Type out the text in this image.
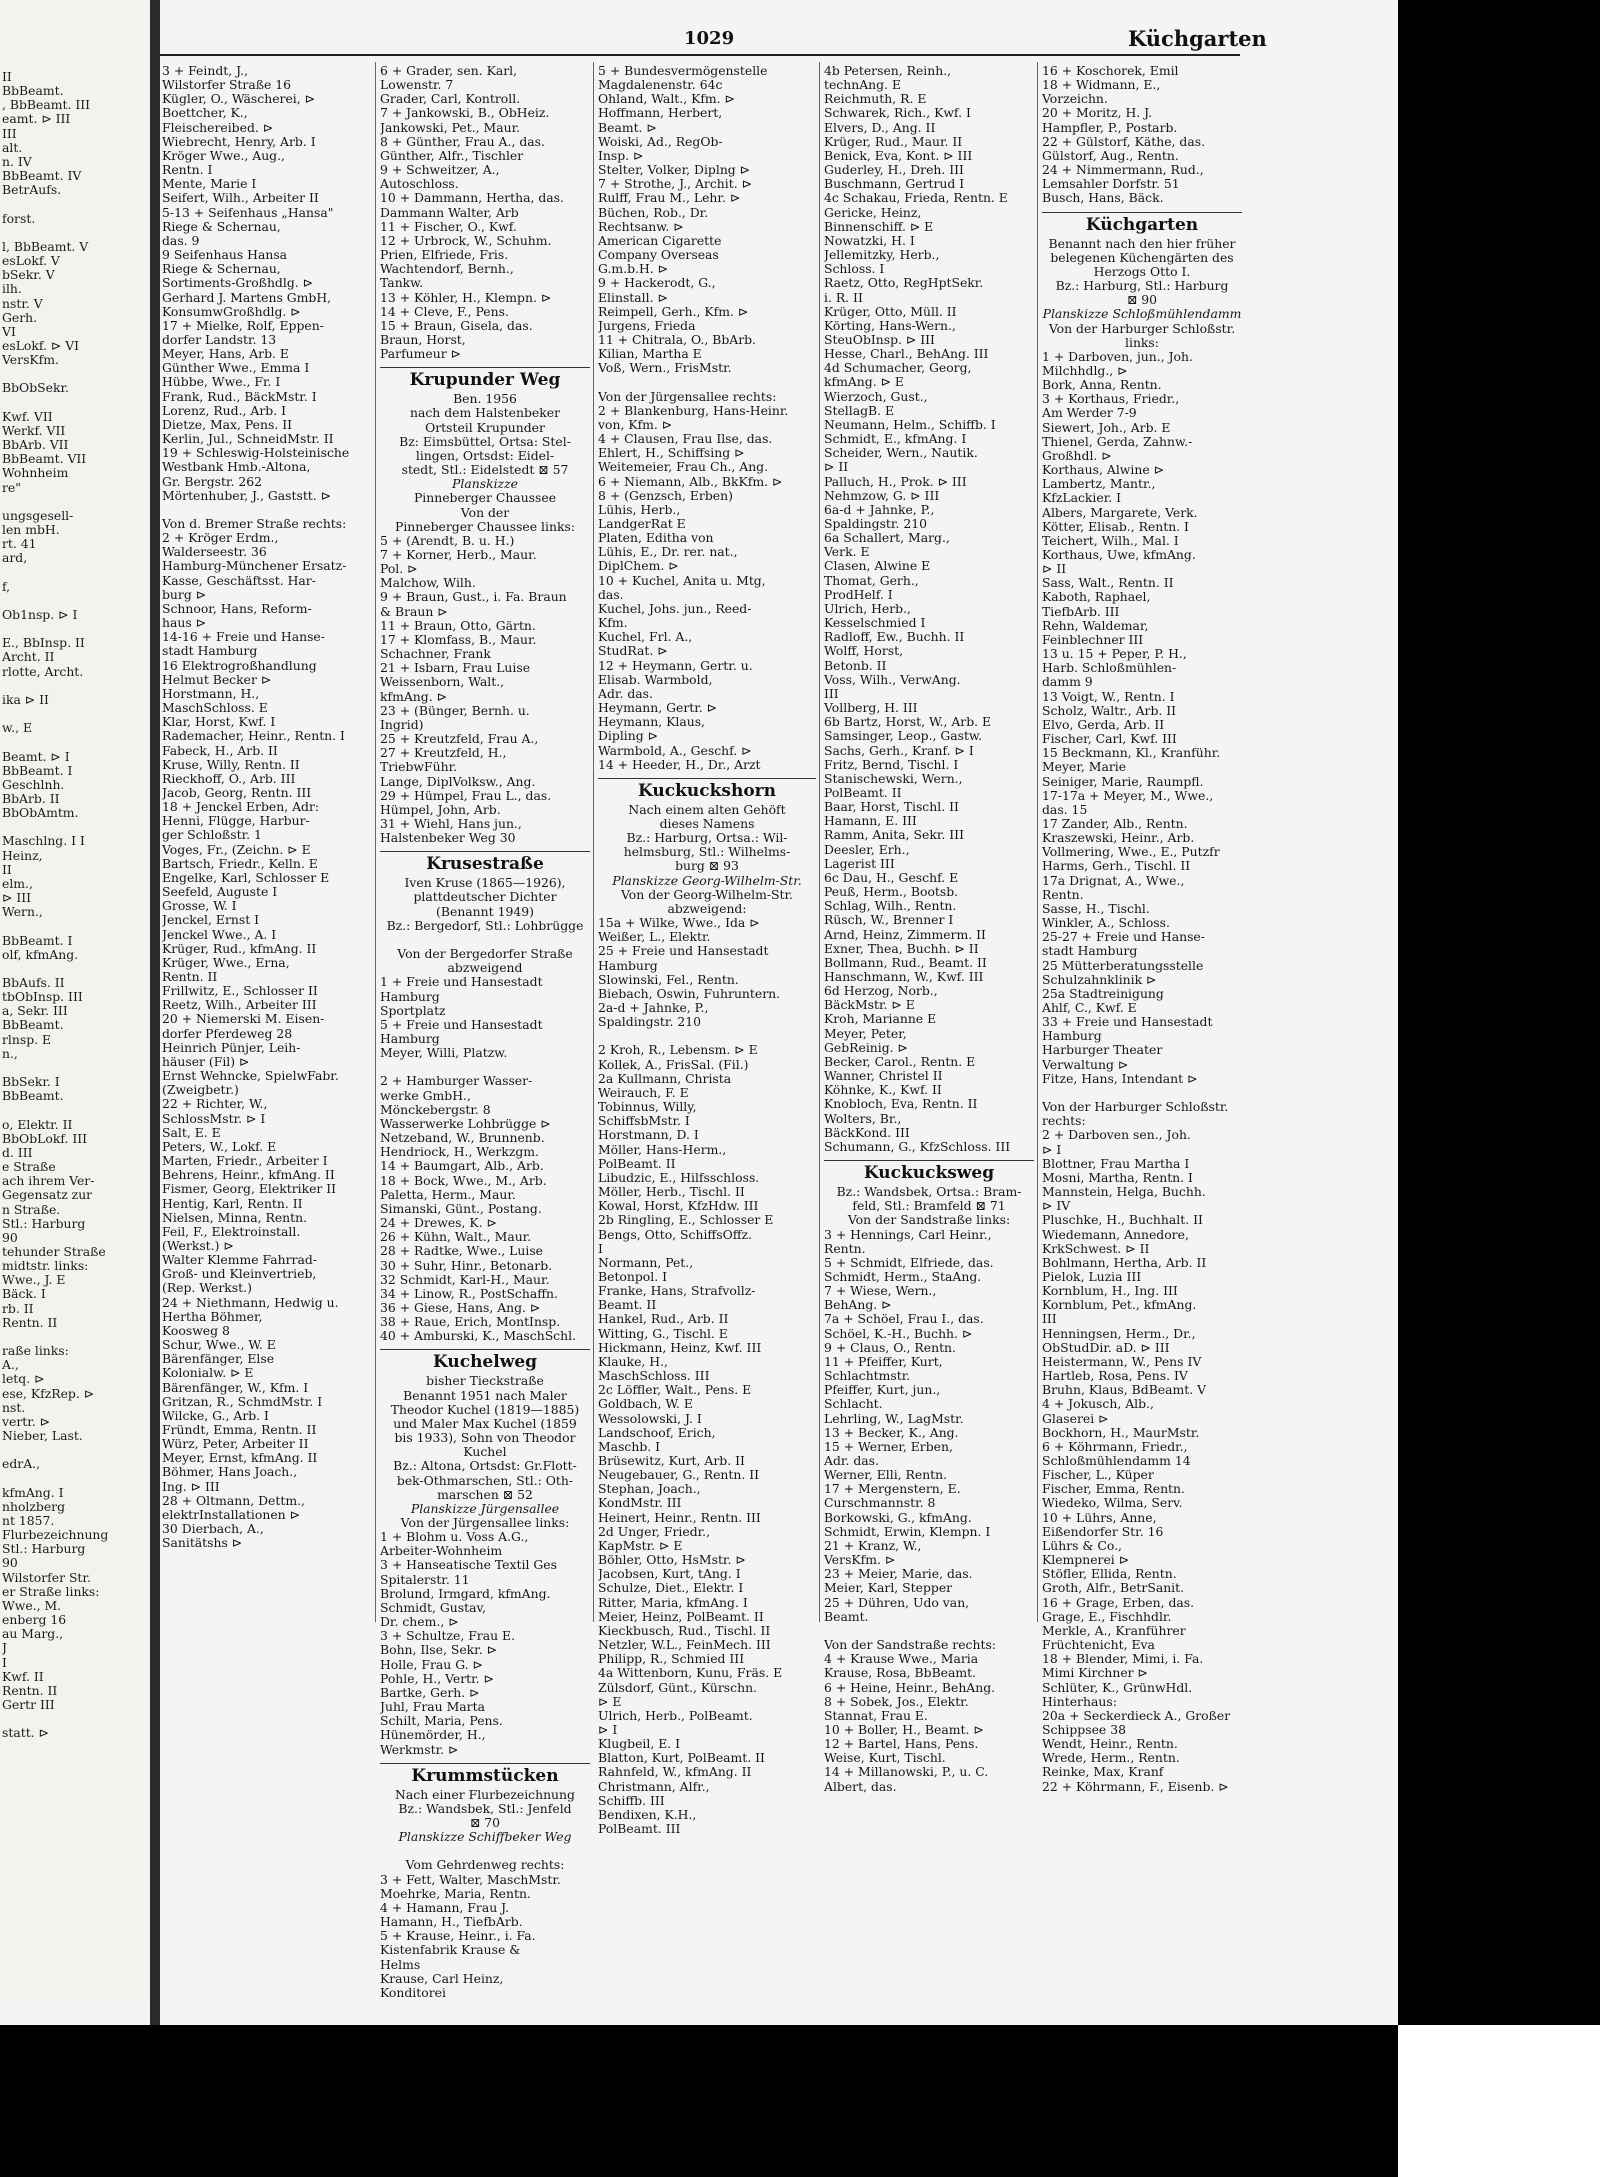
II
BbBeamt.
, BbBeamt. III
eamt. ⊳ III
III
alt.
n. IV
BbBeamt. IV
BetrAufs.

forst.

l, BbBeamt. V
esLokf. V
bSekr. V
ilh.
nstr. V
Gerh.
VI
esLokf. ⊳ VI
VersKfm.

BbObSekr.

Kwf. VII
Werkf. VII
BbArb. VII
BbBeamt. VII
Wohnheim
re"

ungsgesell-
len mbH.
rt. 41
ard,

f,

Ob1nsp. ⊳ I

E., BbInsp. II
Archt. II
rlotte, Archt.

ika ⊳ II

w., E

Beamt. ⊳ I
BbBeamt. I
Geschlnh.
BbArb. II
BbObAmtm.

Maschlng. I I
Heinz,
II
elm.,
⊳ III
Wern.,

BbBeamt. I
olf, kfmAng.

BbAufs. II
tbObInsp. III
a, Sekr. III
BbBeamt.
rlnsp. E
n.,

BbSekr. I
BbBeamt.

o, Elektr. II
BbObLokf. III
d. III
e Straße
ach ihrem Ver-
Gegensatz zur
n Straße.
Stl.: Harburg
90
tehunder Straße
midtstr. links:
Wwe., J. E
Bäck. I
rb. II
Rentn. II

raße links:
A.,
letq. ⊳
ese, KfzRep. ⊳
nst.
vertr. ⊳
Nieber, Last.

edrA.,

kfmAng. I
nholzberg
nt 1857.
Flurbezeichnung
Stl.: Harburg
90
Wilstorfer Str.
er Straße links:
Wwe., M.
enberg 16
au Marg.,
J
I
Kwf. II
Rentn. II
Gertr III

statt. ⊳
1029	Küchgarten
3 + Feindt, J.,
Wilstorfer Straße 16
Kügler, O., Wäscherei, ⊳
Boettcher, K.,
Fleischereibed. ⊳
Wiebrecht, Henry, Arb. I
Kröger Wwe., Aug.,
Rentn. I
Mente, Marie I
Seifert, Wilh., Arbeiter II
5-13 + Seifenhaus „Hansa"
Riege & Schernau,
das. 9
9 Seifenhaus Hansa
Riege & Schernau,
Sortiments-Großhdlg. ⊳
Gerhard J. Martens GmbH,
KonsumwGroßhdlg. ⊳
17 + Mielke, Rolf, Eppen-
dorfer Landstr. 13
Meyer, Hans, Arb. E
Günther Wwe., Emma I
Hübbe, Wwe., Fr. I
Frank, Rud., BäckMstr. I
Lorenz, Rud., Arb. I
Dietze, Max, Pens. II
Kerlin, Jul., SchneidMstr. II
19 + Schleswig-Holsteinische
Westbank Hmb.-Altona,
Gr. Bergstr. 262
Mörtenhuber, J., Gaststt. ⊳

Von d. Bremer Straße rechts:
2 + Kröger Erdm.,
Walderseestr. 36
Hamburg-Münchener Ersatz-
Kasse, Geschäftsst. Har-
burg ⊳
Schnoor, Hans, Reform-
haus ⊳
14-16 + Freie und Hanse-
stadt Hamburg
16 Elektrogroßhandlung
Helmut Becker ⊳
Horstmann, H.,
MaschSchloss. E
Klar, Horst, Kwf. I
Rademacher, Heinr., Rentn. I
Fabeck, H., Arb. II
Kruse, Willy, Rentn. II
Rieckhoff, O., Arb. III
Jacob, Georg, Rentn. III
18 + Jenckel Erben, Adr:
Henni, Flügge, Harbur-
ger Schloßstr. 1
Voges, Fr., (Zeichn. ⊳ E
Bartsch, Friedr., Kelln. E
Engelke, Karl, Schlosser E
Seefeld, Auguste I
Grosse, W. I
Jenckel, Ernst I
Jenckel Wwe., A. I
Krüger, Rud., kfmAng. II
Krüger, Wwe., Erna,
Rentn. II
Frillwitz, E., Schlosser II
Reetz, Wilh., Arbeiter III
20 + Niemerski M. Eisen-
dorfer Pferdeweg 28
Heinrich Pünjer, Leih-
häuser (Fil) ⊳
Ernst Wehncke, SpielwFabr.
(Zweigbetr.)
22 + Richter, W.,
SchlossMstr. ⊳ I
Salt, E. E
Peters, W., Lokf. E
Marten, Friedr., Arbeiter I
Behrens, Heinr., kfmAng. II
Fismer, Georg, Elektriker II
Hentig, Karl, Rentn. II
Nielsen, Minna, Rentn.
Feil, F., Elektroinstall.
(Werkst.) ⊳
Walter Klemme Fahrrad-
Groß- und Kleinvertrieb,
(Rep. Werkst.)
24 + Niethmann, Hedwig u.
Hertha Böhmer,
Koosweg 8
Schur, Wwe., W. E
Bärenfänger, Else
Kolonialw. ⊳ E
Bärenfänger, W., Kfm. I
Gritzan, R., SchmdMstr. I
Wilcke, G., Arb. I
Fründt, Emma, Rentn. II
Würz, Peter, Arbeiter II
Meyer, Ernst, kfmAng. II
Böhmer, Hans Joach.,
Ing. ⊳ III
28 + Oltmann, Dettm.,
elektrInstallationen ⊳
30 Dierbach, A.,
Sanitätshs ⊳
6 + Grader, sen. Karl,
Lowenstr. 7
Grader, Carl, Kontroll.
7 + Jankowski, B., ObHeiz.
Jankowski, Pet., Maur.
8 + Günther, Frau A., das.
Günther, Alfr., Tischler
9 + Schweitzer, A.,
Autoschloss.
10 + Dammann, Hertha, das.
Dammann Walter, Arb
11 + Fischer, O., Kwf.
12 + Urbrock, W., Schuhm.
Prien, Elfriede, Fris.
Wachtendorf, Bernh.,
Tankw.
13 + Köhler, H., Klempn. ⊳
14 + Cleve, F., Pens.
15 + Braun, Gisela, das.
Braun, Horst,
Parfumeur ⊳
Krupunder Weg
Ben. 1956
nach dem Halstenbeker
Ortsteil Krupunder
Bz: Eimsbüttel, Ortsa: Stel-
lingen, Ortsdst: Eidel-
stedt, Stl.: Eidelstedt ⊠ 57
Planskizze
Pinneberger Chaussee
Von der
Pinneberger Chaussee links:
5 + (Arendt, B. u. H.)
7 + Korner, Herb., Maur.
Pol. ⊳
Malchow, Wilh.
9 + Braun, Gust., i. Fa. Braun
& Braun ⊳
11 + Braun, Otto, Gärtn.
17 + Klomfass, B., Maur.
Schachner, Frank
21 + Isbarn, Frau Luise
Weissenborn, Walt.,
kfmAng. ⊳
23 + (Bünger, Bernh. u.
Ingrid)
25 + Kreutzfeld, Frau A.,
27 + Kreutzfeld, H.,
TriebwFühr.
Lange, DiplVolksw., Ang.
29 + Hümpel, Frau L., das.
Hümpel, John, Arb.
31 + Wiehl, Hans jun.,
Halstenbeker Weg 30
Krusestraße
Iven Kruse (1865—1926),
plattdeutscher Dichter
(Benannt 1949)
Bz.: Bergedorf, Stl.: Lohbrügge

Von der Bergedorfer Straße
abzweigend
1 + Freie und Hansestadt
Hamburg
Sportplatz
5 + Freie und Hansestadt
Hamburg
Meyer, Willi, Platzw.

2 + Hamburger Wasser-
werke GmbH.,
Mönckebergstr. 8
Wasserwerke Lohbrügge ⊳
Netzeband, W., Brunnenb.
Hendriock, H., Werkzgm.
14 + Baumgart, Alb., Arb.
18 + Bock, Wwe., M., Arb.
Paletta, Herm., Maur.
Simanski, Günt., Postang.
24 + Drewes, K. ⊳
26 + Kühn, Walt., Maur.
28 + Radtke, Wwe., Luise
30 + Suhr, Hinr., Betonarb.
32 Schmidt, Karl-H., Maur.
34 + Linow, R., PostSchaffn.
36 + Giese, Hans, Ang. ⊳
38 + Raue, Erich, MontInsp.
40 + Amburski, K., MaschSchl.
Kuchelweg
bisher Tieckstraße
Benannt 1951 nach Maler
Theodor Kuchel (1819—1885)
und Maler Max Kuchel (1859
bis 1933), Sohn von Theodor
Kuchel
Bz.: Altona, Ortsdst: Gr.Flott-
bek-Othmarschen, Stl.: Oth-
marschen ⊠ 52
Planskizze Jürgensallee
Von der Jürgensallee links:
1 + Blohm u. Voss A.G.,
Arbeiter-Wohnheim
3 + Hanseatische Textil Ges
Spitalerstr. 11
Brolund, Irmgard, kfmAng.
Schmidt, Gustav,
Dr. chem., ⊳
3 + Schultze, Frau E.
Bohn, Ilse, Sekr. ⊳
Holle, Frau G. ⊳
Pohle, H., Vertr. ⊳
Bartke, Gerh. ⊳
Juhl, Frau Marta
Schilt, Maria, Pens.
Hünemörder, H.,
Werkmstr. ⊳
Krummstücken
Nach einer Flurbezeichnung
Bz.: Wandsbek, Stl.: Jenfeld
⊠ 70
Planskizze Schiffbeker Weg

Vom Gehrdenweg rechts:
3 + Fett, Walter, MaschMstr.
Moehrke, Maria, Rentn.
4 + Hamann, Frau J.
Hamann, H., TiefbArb.
5 + Krause, Heinr., i. Fa.
Kistenfabrik Krause &
Helms
Krause, Carl Heinz,
Konditorei
5 + Bundesvermögenstelle
Magdalenenstr. 64c
Ohland, Walt., Kfm. ⊳
Hoffmann, Herbert,
Beamt. ⊳
Woiski, Ad., RegOb-
Insp. ⊳
Stelter, Volker, Diplng ⊳
7 + Strothe, J., Archit. ⊳
Rulff, Frau M., Lehr. ⊳
Büchen, Rob., Dr.
Rechtsanw. ⊳
American Cigarette
Company Overseas
G.m.b.H. ⊳
9 + Hackerodt, G.,
Elinstall. ⊳
Reimpell, Gerh., Kfm. ⊳
Jurgens, Frieda
11 + Chitrala, O., BbArb.
Kilian, Martha E
Voß, Wern., FrisMstr.

Von der Jürgensallee rechts:
2 + Blankenburg, Hans-Heinr.
von, Kfm. ⊳
4 + Clausen, Frau Ilse, das.
Ehlert, H., Schiffsing ⊳
Weitemeier, Frau Ch., Ang.
6 + Niemann, Alb., BkKfm. ⊳
8 + (Genzsch, Erben)
Lühis, Herb.,
LandgerRat E
Platen, Editha von
Lühis, E., Dr. rer. nat.,
DiplChem. ⊳
10 + Kuchel, Anita u. Mtg,
das.
Kuchel, Johs. jun., Reed-
Kfm.
Kuchel, Frl. A.,
StudRat. ⊳
12 + Heymann, Gertr. u.
Elisab. Warmbold,
Adr. das.
Heymann, Gertr. ⊳
Heymann, Klaus,
Dipling ⊳
Warmbold, A., Geschf. ⊳
14 + Heeder, H., Dr., Arzt
Kuckuckshorn
Nach einem alten Gehöft
dieses Namens
Bz.: Harburg, Ortsa.: Wil-
helmsburg, Stl.: Wilhelms-
burg ⊠ 93
Planskizze Georg-Wilhelm-Str.
Von der Georg-Wilhelm-Str.
abzweigend:
15a + Wilke, Wwe., Ida ⊳
Weißer, L., Elektr.
25 + Freie und Hansestadt
Hamburg
Slowinski, Fel., Rentn.
Biebach, Oswin, Fuhruntern.
2a-d + Jahnke, P.,
Spaldingstr. 210

2 Kroh, R., Lebensm. ⊳ E
Kollek, A., FrisSal. (Fil.)
2a Kullmann, Christa
Weirauch, F. E
Tobinnus, Willy,
SchiffsbMstr. I
Horstmann, D. I
Möller, Hans-Herm.,
PolBeamt. II
Libudzic, E., Hilfsschloss.
Möller, Herb., Tischl. II
Kowal, Horst, KfzHdw. III
2b Ringling, E., Schlosser E
Bengs, Otto, SchiffsOffz.
I
Normann, Pet.,
Betonpol. I
Franke, Hans, Strafvollz-
Beamt. II
Hankel, Rud., Arb. II
Witting, G., Tischl. E
Hickmann, Heinz, Kwf. III
Klauke, H.,
MaschSchloss. III
2c Löffler, Walt., Pens. E
Goldbach, W. E
Wessolowski, J. I
Landschoof, Erich,
Maschb. I
Brüsewitz, Kurt, Arb. II
Neugebauer, G., Rentn. II
Stephan, Joach.,
KondMstr. III
Heinert, Heinr., Rentn. III
2d Unger, Friedr.,
KapMstr. ⊳ E
Böhler, Otto, HsMstr. ⊳
Jacobsen, Kurt, tAng. I
Schulze, Diet., Elektr. I
Ritter, Maria, kfmAng. I
Meier, Heinz, PolBeamt. II
Kieckbusch, Rud., Tischl. II
Netzler, W.L., FeinMech. III
Philipp, R., Schmied III
4a Wittenborn, Kunu, Fräs. E
Zülsdorf, Günt., Kürschn.
⊳ E
Ulrich, Herb., PolBeamt.
⊳ I
Klugbeil, E. I
Blatton, Kurt, PolBeamt. II
Rahnfeld, W., kfmAng. II
Christmann, Alfr.,
Schiffb. III
Bendixen, K.H.,
PolBeamt. III
4b Petersen, Reinh.,
technAng. E
Reichmuth, R. E
Schwarek, Rich., Kwf. I
Elvers, D., Ang. II
Krüger, Rud., Maur. II
Benick, Eva, Kont. ⊳ III
Guderley, H., Dreh. III
Buschmann, Gertrud I
4c Schakau, Frieda, Rentn. E
Gericke, Heinz,
Binnenschiff. ⊳ E
Nowatzki, H. I
Jellemitzky, Herb.,
Schloss. I
Raetz, Otto, RegHptSekr.
i. R. II
Krüger, Otto, Müll. II
Körting, Hans-Wern.,
SteuObInsp. ⊳ III
Hesse, Charl., BehAng. III
4d Schumacher, Georg,
kfmAng. ⊳ E
Wierzoch, Gust.,
StellagB. E
Neumann, Helm., Schiffb. I
Schmidt, E., kfmAng. I
Scheider, Wern., Nautik.
⊳ II
Palluch, H., Prok. ⊳ III
Nehmzow, G. ⊳ III
6a-d + Jahnke, P.,
Spaldingstr. 210
6a Schallert, Marg.,
Verk. E
Clasen, Alwine E
Thomat, Gerh.,
ProdHelf. I
Ulrich, Herb.,
Kesselschmied I
Radloff, Ew., Buchh. II
Wolff, Horst,
Betonb. II
Voss, Wilh., VerwAng.
III
Vollberg, H. III
6b Bartz, Horst, W., Arb. E
Samsinger, Leop., Gastw.
Sachs, Gerh., Kranf. ⊳ I
Fritz, Bernd, Tischl. I
Stanischewski, Wern.,
PolBeamt. II
Baar, Horst, Tischl. II
Hamann, E. III
Ramm, Anita, Sekr. III
Deesler, Erh.,
Lagerist III
6c Dau, H., Geschf. E
Peuß, Herm., Bootsb.
Schlag, Wilh., Rentn.
Rüsch, W., Brenner I
Arnd, Heinz, Zimmerm. II
Exner, Thea, Buchh. ⊳ II
Bollmann, Rud., Beamt. II
Hanschmann, W., Kwf. III
6d Herzog, Norb.,
BäckMstr. ⊳ E
Kroh, Marianne E
Meyer, Peter,
GebReinig. ⊳
Becker, Carol., Rentn. E
Wanner, Christel II
Köhnke, K., Kwf. II
Knobloch, Eva, Rentn. II
Wolters, Br.,
BäckKond. III
Schumann, G., KfzSchloss. III
Kuckucksweg
Bz.: Wandsbek, Ortsa.: Bram-
feld, Stl.: Bramfeld ⊠ 71
Von der Sandstraße links:
3 + Hennings, Carl Heinr.,
Rentn.
5 + Schmidt, Elfriede, das.
Schmidt, Herm., StaAng.
7 + Wiese, Wern.,
BehAng. ⊳
7a + Schöel, Frau I., das.
Schöel, K.-H., Buchh. ⊳
9 + Claus, O., Rentn.
11 + Pfeiffer, Kurt,
Schlachtmstr.
Pfeiffer, Kurt, jun.,
Schlacht.
Lehrling, W., LagMstr.
13 + Becker, K., Ang.
15 + Werner, Erben,
Adr. das.
Werner, Elli, Rentn.
17 + Mergenstern, E.
Curschmannstr. 8
Borkowski, G., kfmAng.
Schmidt, Erwin, Klempn. I
21 + Kranz, W.,
VersKfm. ⊳
23 + Meier, Marie, das.
Meier, Karl, Stepper
25 + Dühren, Udo van,
Beamt.

Von der Sandstraße rechts:
4 + Krause Wwe., Maria
Krause, Rosa, BbBeamt.
6 + Heine, Heinr., BehAng.
8 + Sobek, Jos., Elektr.
Stannat, Frau E.
10 + Boller, H., Beamt. ⊳
12 + Bartel, Hans, Pens.
Weise, Kurt, Tischl.
14 + Millanowski, P., u. C.
Albert, das.
16 + Koschorek, Emil
18 + Widmann, E.,
Vorzeichn.
20 + Moritz, H. J.
Hampfler, P., Postarb.
22 + Gülstorf, Käthe, das.
Gülstorf, Aug., Rentn.
24 + Nimmermann, Rud.,
Lemsahler Dorfstr. 51
Busch, Hans, Bäck.
Küchgarten
Benannt nach den hier früher
belegenen Küchengärten des
Herzogs Otto I.
Bz.: Harburg, Stl.: Harburg
⊠ 90
Planskizze Schloßmühlendamm
Von der Harburger Schloßstr.
links:
1 + Darboven, jun., Joh.
Milchhdlg., ⊳
Bork, Anna, Rentn.
3 + Korthaus, Friedr.,
Am Werder 7-9
Siewert, Joh., Arb. E
Thienel, Gerda, Zahnw.-
Großhdl. ⊳
Korthaus, Alwine ⊳
Lambertz, Mantr.,
KfzLackier. I
Albers, Margarete, Verk.
Kötter, Elisab., Rentn. I
Teichert, Wilh., Mal. I
Korthaus, Uwe, kfmAng.
⊳ II
Sass, Walt., Rentn. II
Kaboth, Raphael,
TiefbArb. III
Rehn, Waldemar,
Feinblechner III
13 u. 15 + Peper, P. H.,
Harb. Schloßmühlen-
damm 9
13 Voigt, W., Rentn. I
Scholz, Waltr., Arb. II
Elvo, Gerda, Arb. II
Fischer, Carl, Kwf. III
15 Beckmann, Kl., Kranführ.
Meyer, Marie
Seiniger, Marie, Raumpfl.
17-17a + Meyer, M., Wwe.,
das. 15
17 Zander, Alb., Rentn.
Kraszewski, Heinr., Arb.
Vollmering, Wwe., E., Putzfr
Harms, Gerh., Tischl. II
17a Drignat, A., Wwe.,
Rentn.
Sasse, H., Tischl.
Winkler, A., Schloss.
25-27 + Freie und Hanse-
stadt Hamburg
25 Mütterberatungsstelle
Schulzahnklinik ⊳
25a Stadtreinigung
Ahlf, C., Kwf. E
33 + Freie und Hansestadt
Hamburg
Harburger Theater
Verwaltung ⊳
Fitze, Hans, Intendant ⊳

Von der Harburger Schloßstr.
rechts:
2 + Darboven sen., Joh.
⊳ I
Blottner, Frau Martha I
Mosni, Martha, Rentn. I
Mannstein, Helga, Buchh.
⊳ IV
Pluschke, H., Buchhalt. II
Wiedemann, Annedore,
KrkSchwest. ⊳ II
Bohlmann, Hertha, Arb. II
Pielok, Luzia III
Kornblum, H., Ing. III
Kornblum, Pet., kfmAng.
III
Henningsen, Herm., Dr.,
ObStudDir. aD. ⊳ III
Heistermann, W., Pens IV
Hartleb, Rosa, Pens. IV
Bruhn, Klaus, BdBeamt. V
4 + Jokusch, Alb.,
Glaserei ⊳
Bockhorn, H., MaurMstr.
6 + Köhrmann, Friedr.,
Schloßmühlendamm 14
Fischer, L., Küper
Fischer, Emma, Rentn.
Wiedeko, Wilma, Serv.
10 + Lührs, Anne,
Eißendorfer Str. 16
Lührs & Co.,
Klempnerei ⊳
Stöfler, Ellida, Rentn.
Groth, Alfr., BetrSanit.
16 + Grage, Erben, das.
Grage, E., Fischhdlr.
Merkle, A., Kranführer
Früchtenicht, Eva
18 + Blender, Mimi, i. Fa.
Mimi Kirchner ⊳
Schlüter, K., GrünwHdl.
Hinterhaus:
20a + Seckerdieck A., Großer
Schippsee 38
Wendt, Heinr., Rentn.
Wrede, Herm., Rentn.
Reinke, Max, Kranf
22 + Köhrmann, F., Eisenb. ⊳
